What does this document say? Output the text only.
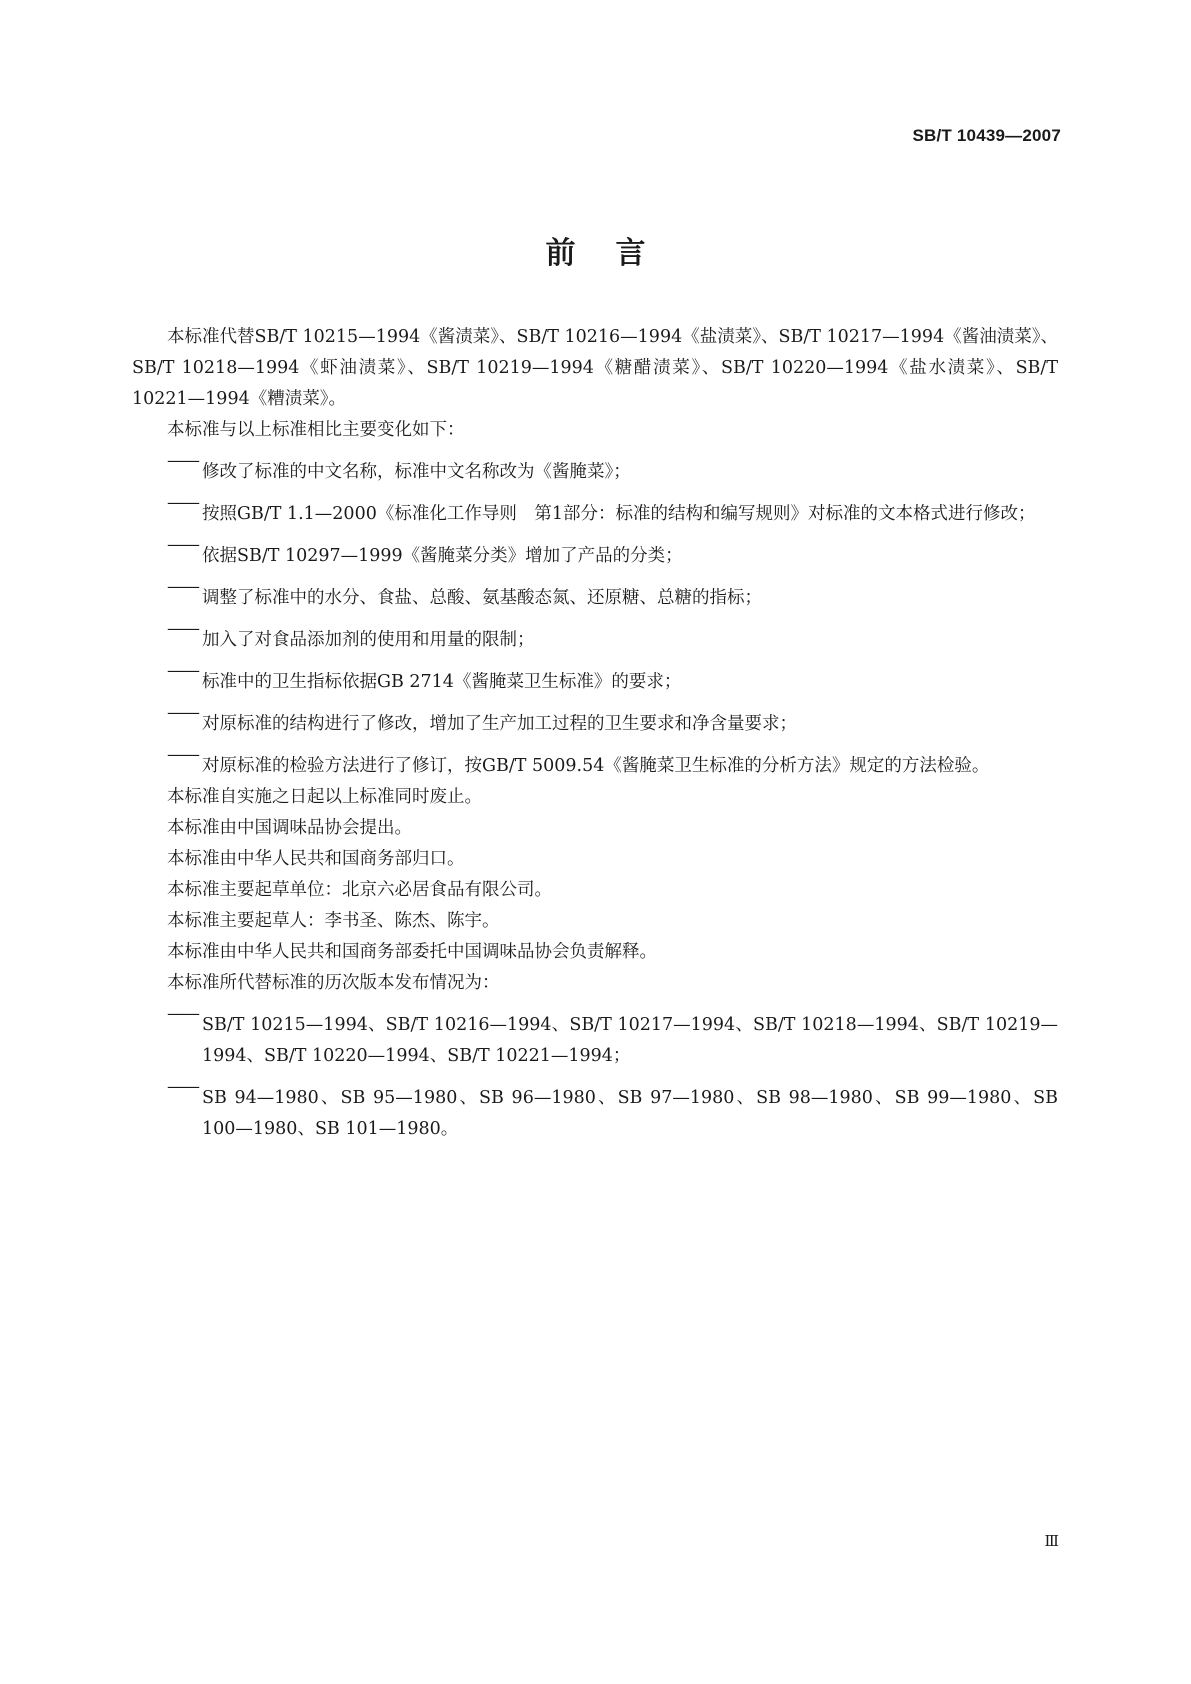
SB/T 10439—2007
前言

本标准代替SB/T 10215—1994《酱渍菜》、SB/T 10216—1994《盐渍菜》、SB/T 10217—1994《酱油渍菜》、SB/T 10218—1994《虾油渍菜》、SB/T 10219—1994《糖醋渍菜》、SB/T 10220—1994《盐水渍菜》、SB/T 10221—1994《糟渍菜》。

本标准与以上标准相比主要变化如下：

——修改了标准的中文名称，标准中文名称改为《酱腌菜》；

——按照GB/T 1.1—2000《标准化工作导则　第1部分：标准的结构和编写规则》对标准的文本格式进行修改；

——依据SB/T 10297—1999《酱腌菜分类》增加了产品的分类；

——调整了标准中的水分、食盐、总酸、氨基酸态氮、还原糖、总糖的指标；

——加入了对食品添加剂的使用和用量的限制；

——标准中的卫生指标依据GB 2714《酱腌菜卫生标准》的要求；

——对原标准的结构进行了修改，增加了生产加工过程的卫生要求和净含量要求；

——对原标准的检验方法进行了修订，按GB/T 5009.54《酱腌菜卫生标准的分析方法》规定的方法检验。

本标准自实施之日起以上标准同时废止。

本标准由中国调味品协会提出。

本标准由中华人民共和国商务部归口。

本标准主要起草单位：北京六必居食品有限公司。

本标准主要起草人：李书圣、陈杰、陈宇。

本标准由中华人民共和国商务部委托中国调味品协会负责解释。

本标准所代替标准的历次版本发布情况为：

——SB/T 10215—1994、SB/T 10216—1994、SB/T 10217—1994、SB/T 10218—1994、SB/T 10219—1994、SB/T 10220—1994、SB/T 10221—1994；

——SB 94—1980、SB 95—1980、SB 96—1980、SB 97—1980、SB 98—1980、SB 99—1980、SB 100—1980、SB 101—1980。

Ⅲ
